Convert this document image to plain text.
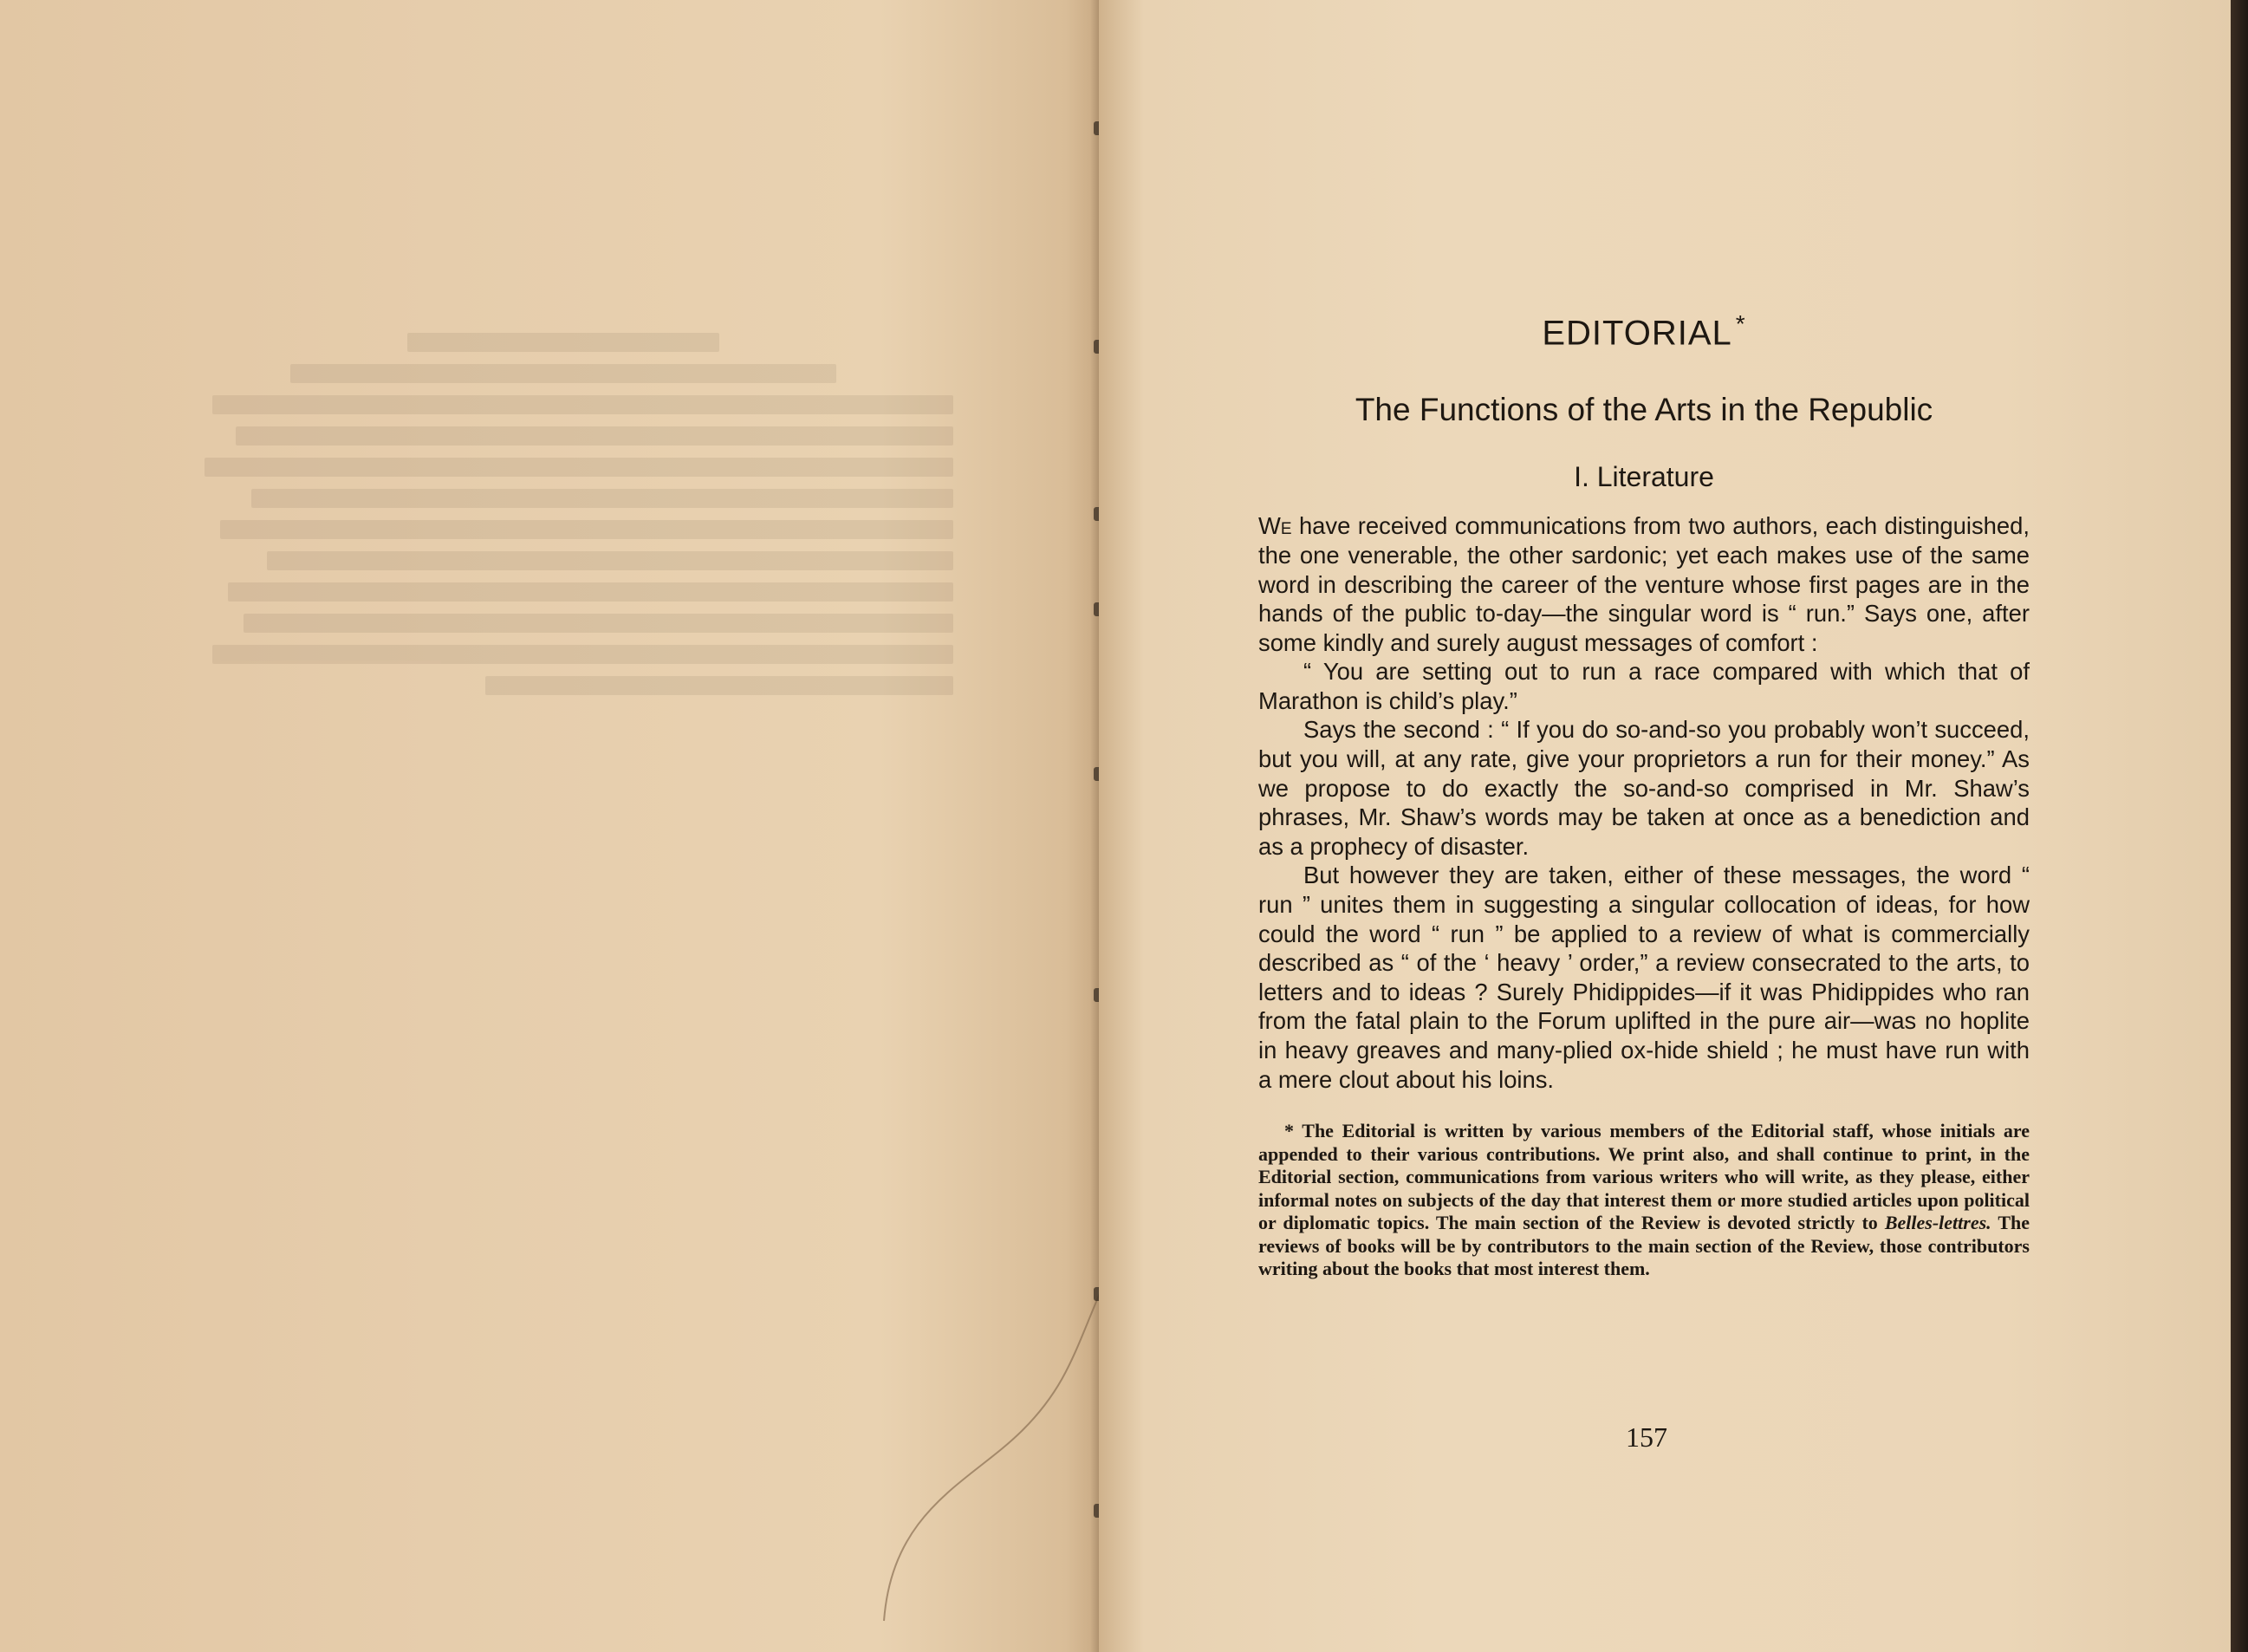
EDITORIAL *
The Functions of the Arts in the Republic
I. Literature

We have received communications from two authors, each distinguished, the one venerable, the other sardonic; yet each makes use of the same word in describing the career of the venture whose first pages are in the hands of the public to-day—the singular word is “ run.” Says one, after some kindly and surely august messages of comfort :

“ You are setting out to run a race compared with which that of Marathon is child’s play.”

Says the second : “ If you do so-and-so you probably won’t succeed, but you will, at any rate, give your proprietors a run for their money.” As we propose to do exactly the so-and-so comprised in Mr. Shaw’s phrases, Mr. Shaw’s words may be taken at once as a benediction and as a prophecy of disaster.

But however they are taken, either of these messages, the word “ run ” unites them in suggesting a singular collocation of ideas, for how could the word “ run ” be applied to a review of what is commercially described as “ of the ‘ heavy ’ order,” a review consecrated to the arts, to letters and to ideas ? Surely Phidippides—if it was Phidippides who ran from the fatal plain to the Forum uplifted in the pure air—was no hoplite in heavy greaves and many-plied ox-hide shield ; he must have run with a mere clout about his loins.

* The Editorial is written by various members of the Editorial staff, whose initials are appended to their various contributions. We print also, and shall continue to print, in the Editorial section, communications from various writers who will write, as they please, either informal notes on subjects of the day that interest them or more studied articles upon political or diplomatic topics. The main section of the Review is devoted strictly to Belles-lettres. The reviews of books will be by contributors to the main section of the Review, those contributors writing about the books that most interest them.
157
